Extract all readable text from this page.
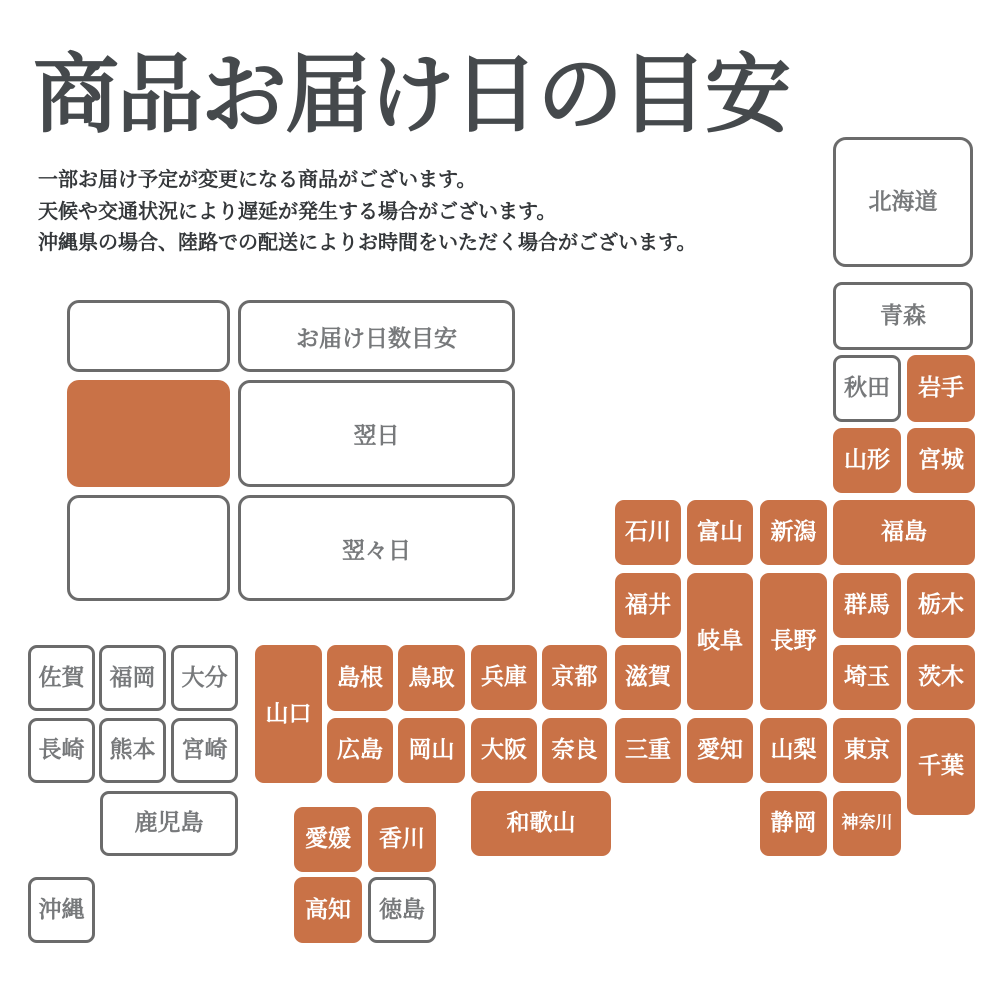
商品お届け日の目安
一部お届け予定が変更になる商品がございます。
天候や交通状況により遅延が発生する場合がございます。
沖縄県の場合、陸路での配送によりお時間をいただく場合がございます。
お届け日数目安
翌日
翌々日
北海道
青森
秋田	岩手
山形	宮城
石川	富山	新潟	福島
福井
岐阜	長野
群馬	栃木
滋賀	埼玉	茨木
佐賀	福岡	大分
山口
島根	鳥取	兵庫	京都
長崎	熊本	宮崎	広島	岡山	大阪	奈良	三重	愛知	山梨	東京
千葉
鹿児島	和歌山	静岡	神奈川
愛媛	香川
高知	徳島
沖縄
